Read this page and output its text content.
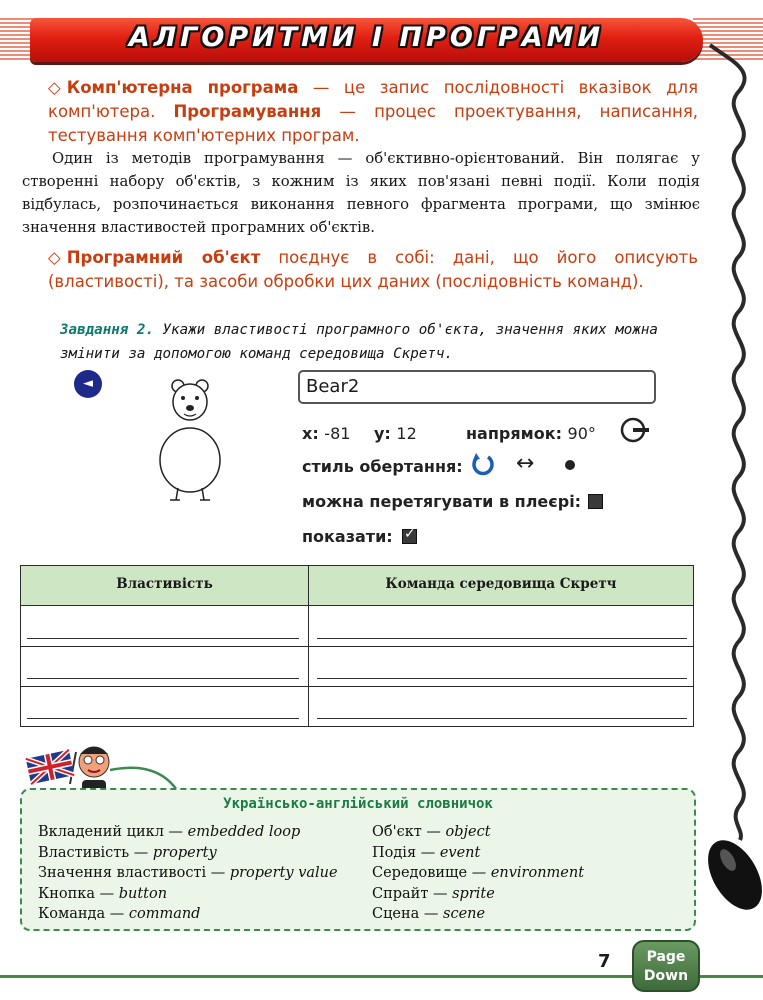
АЛГОРИТМИ І ПРОГРАМИ
◇ Комп'ютерна програма — це запис послідовності вказівок для комп'ютера. Програмування — процес проектування, написання, тестування комп'ютерних програм.
Один із методів програмування — об'єктивно-орієнтований. Він полягає у створенні набору об'єктів, з кожним із яких пов'язані певні події. Коли подія відбулась, розпочинається виконання певного фрагмента програми, що змінює значення властивостей програмних об'єктів.
◇ Програмний об'єкт поєднує в собі: дані, що його описують (властивості), та засоби обробки цих даних (послідовність команд).
Завдання 2. Укажи властивості програмного об'єкта, значення яких можна змінити за допомогою команд середовища Скретч.
◄	Bear2
x: -81 y: 12	напрямок: 90°
стиль обертання: ↔
можна перетягувати в плеєрі:
показати:
✓
Властивість	Команда середовища Скретч
Українсько-англійський словничок
Вкладений цикл — embedded loop
Властивість — property
Значення властивості — property value
Кнопка — button
Команда — command
Об'єкт — object
Подія — event
Середовище — environment
Спрайт — sprite
Сцена — scene
7	Page
Down
